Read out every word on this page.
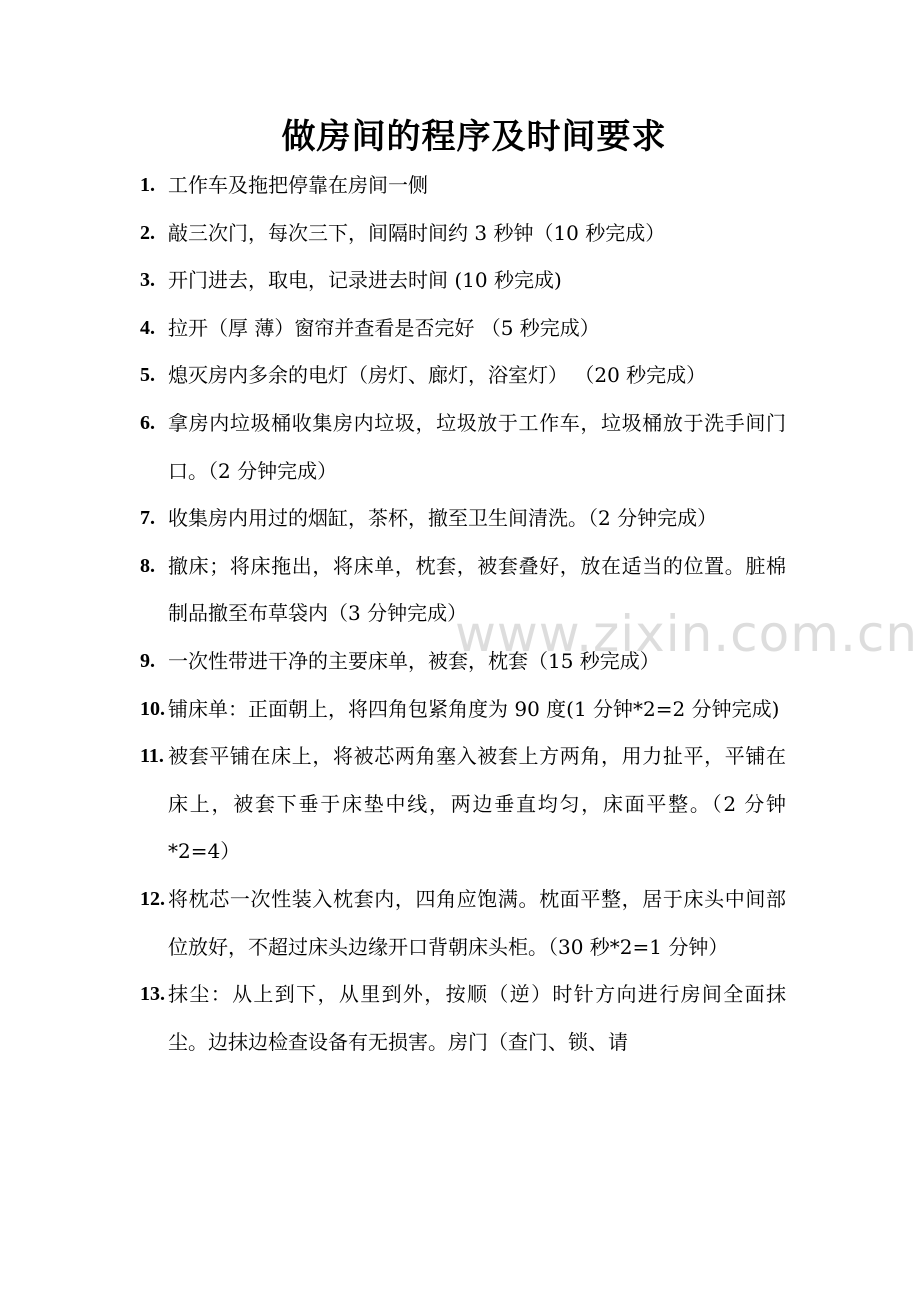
做房间的程序及时间要求
1. 工作车及拖把停靠在房间一侧
2. 敲三次门，每次三下，间隔时间约 3 秒钟（10 秒完成）
3. 开门进去，取电，记录进去时间 (10 秒完成)
4. 拉开（厚 薄）窗帘并查看是否完好 （5 秒完成）
5. 熄灭房内多余的电灯（房灯、廊灯，浴室灯） （20 秒完成）
6. 拿房内垃圾桶收集房内垃圾，垃圾放于工作车，垃圾桶放于洗手间门口。（2 分钟完成）
7. 收集房内用过的烟缸，茶杯，撤至卫生间清洗。（2 分钟完成）
8. 撤床；将床拖出，将床单，枕套，被套叠好，放在适当的位置。脏棉制品撤至布草袋内（3 分钟完成）
9. 一次性带进干净的主要床单，被套，枕套（15 秒完成）
10. 铺床单：正面朝上，将四角包紧角度为 90 度(1 分钟*2=2 分钟完成)
11. 被套平铺在床上，将被芯两角塞入被套上方两角，用力扯平，平铺在床上，被套下垂于床垫中线，两边垂直均匀，床面平整。（2 分钟*2=4）
12. 将枕芯一次性装入枕套内，四角应饱满。枕面平整，居于床头中间部位放好，不超过床头边缘开口背朝床头柜。（30 秒*2=1 分钟）
13. 抹尘：从上到下，从里到外，按顺（逆）时针方向进行房间全面抹尘。边抹边检查设备有无损害。房门（查门、锁、请
www.zixin.com.cn
